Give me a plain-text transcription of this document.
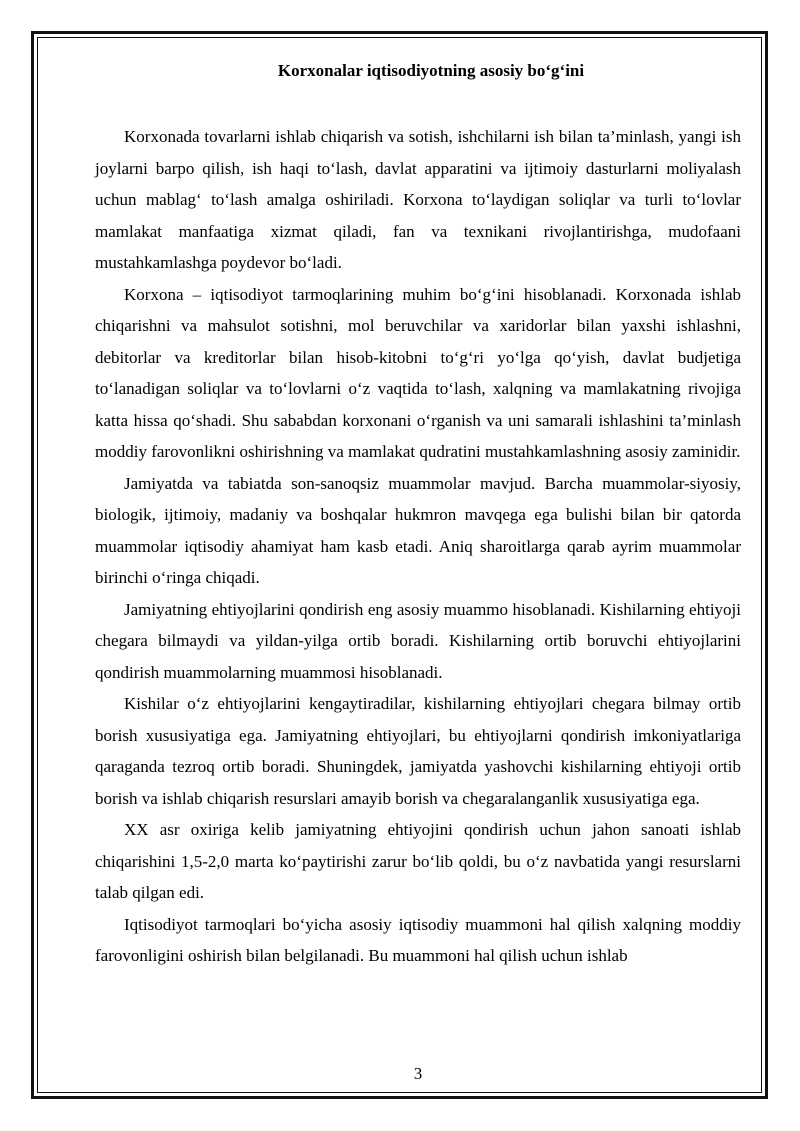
Korxonalar iqtisodiyotning asosiy bo‘g‘ini

Korxonada tovarlarni ishlab chiqarish va sotish, ishchilarni ish bilan ta’minlash, yangi ish joylarni barpo qilish, ish haqi to‘lash, davlat apparatini va ijtimoiy dasturlarni moliyalash uchun mablag‘ to‘lash amalga oshiriladi. Korxona to‘laydigan soliqlar va turli to‘lovlar mamlakat manfaatiga xizmat qiladi, fan va texnikani rivojlantirishga, mudofaani mustahkamlashga poydevor bo‘ladi.

Korxona – iqtisodiyot tarmoqlarining muhim bo‘g‘ini hisoblanadi. Korxonada ishlab chiqarishni va mahsulot sotishni, mol beruvchilar va xaridorlar bilan yaxshi ishlashni, debitorlar va kreditorlar bilan hisob-kitobni to‘g‘ri yo‘lga qo‘yish, davlat budjetiga to‘lanadigan soliqlar va to‘lovlarni o‘z vaqtida to‘lash, xalqning va mamlakatning rivojiga katta hissa qo‘shadi. Shu sababdan korxonani o‘rganish va uni samarali ishlashini ta’minlash moddiy farovonlikni oshirishning va mamlakat qudratini mustahkamlashning asosiy zaminidir.

Jamiyatda va tabiatda son-sanoqsiz muammolar mavjud. Barcha muammolar-siyosiy, biologik, ijtimoiy, madaniy va boshqalar hukmron mavqega ega bulishi bilan bir qatorda muammolar iqtisodiy ahamiyat ham kasb etadi. Aniq sharoitlarga qarab ayrim muammolar birinchi o‘ringa chiqadi.

Jamiyatning ehtiyojlarini qondirish eng asosiy muammo hisoblanadi. Kishilarning ehtiyoji chegara bilmaydi va yildan-yilga ortib boradi. Kishilarning ortib boruvchi ehtiyojlarini qondirish muammolarning muammosi hisoblanadi.

Kishilar o‘z ehtiyojlarini kengaytiradilar, kishilarning ehtiyojlari chegara bilmay ortib borish xususiyatiga ega. Jamiyatning ehtiyojlari, bu ehtiyojlarni qondirish imkoniyatlariga qaraganda tezroq ortib boradi. Shuningdek, jamiyatda yashovchi kishilarning ehtiyoji ortib borish va ishlab chiqarish resurslari amayib borish va chegaralanganlik xususiyatiga ega.

XX asr oxiriga kelib jamiyatning ehtiyojini qondirish uchun jahon sanoati ishlab chiqarishini 1,5-2,0 marta ko‘paytirishi zarur bo‘lib qoldi, bu o‘z navbatida yangi resurslarni talab qilgan edi.

Iqtisodiyot tarmoqlari bo‘yicha asosiy iqtisodiy muammoni hal qilish xalqning moddiy farovonligini oshirish bilan belgilanadi. Bu muammoni hal qilish uchun ishlab

3
